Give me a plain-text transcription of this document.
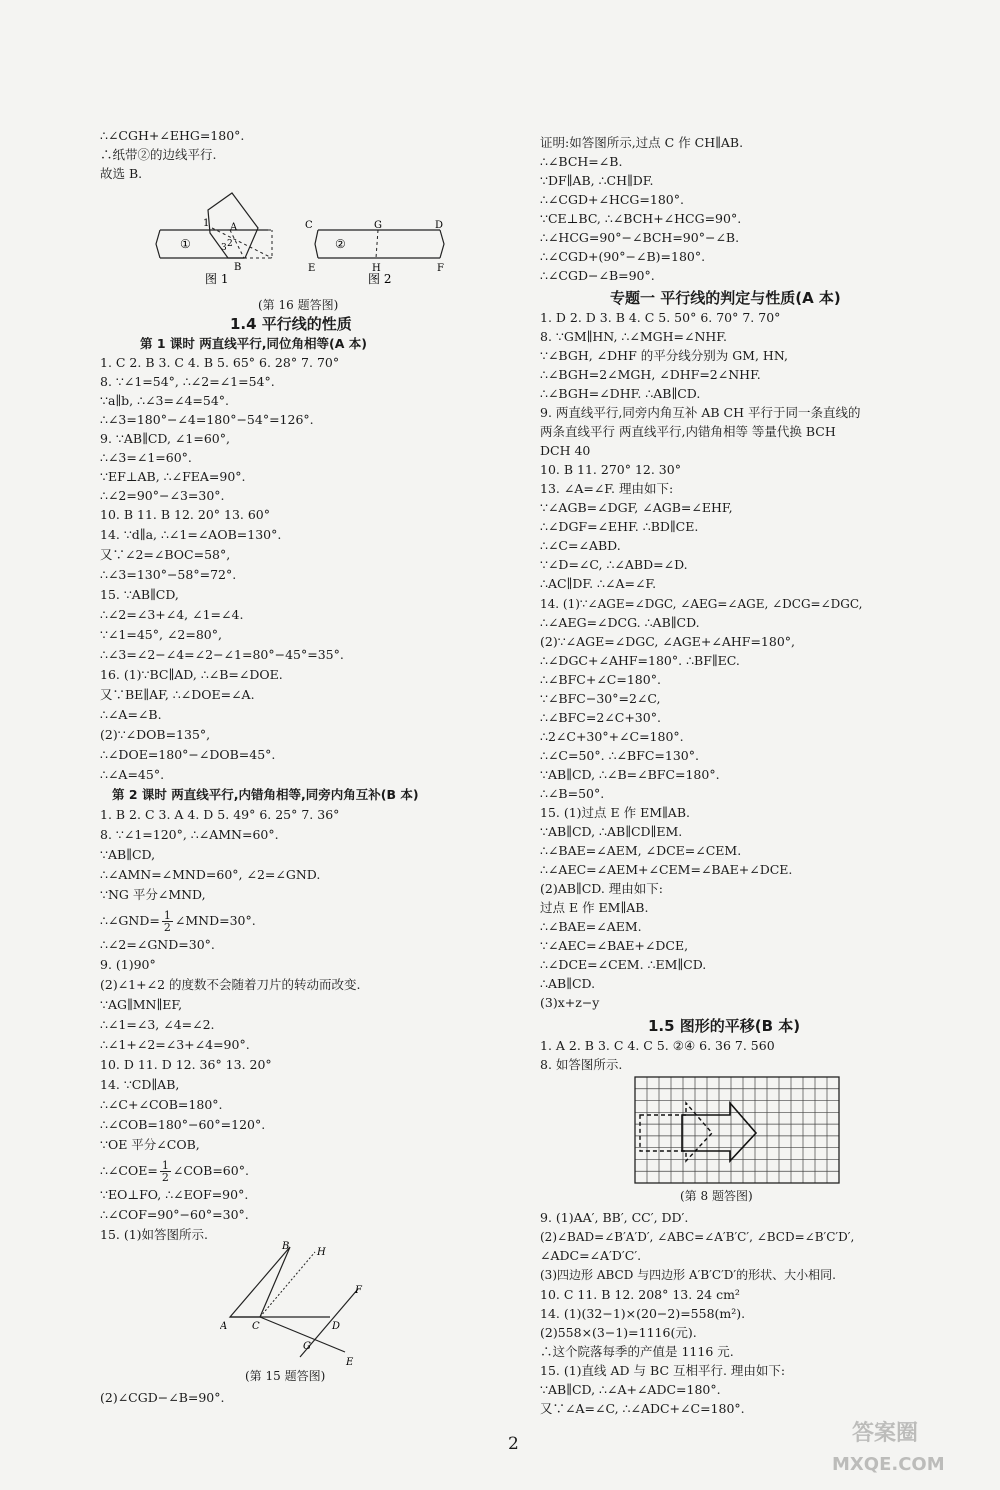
∴∠CGH+∠EHG=180°.
∴纸带②的边线平行.
故选 B.
①
1 A
2
3
B
图 1
②
C	G	D
E	H	F
图 2
(第 16 题答图)
1.4 平行线的性质
第 1 课时 两直线平行,同位角相等(A 本)
1. C 2. B 3. C 4. B 5. 65° 6. 28° 7. 70°
8. ∵∠1=54°, ∴∠2=∠1=54°.
∵a∥b, ∴∠3=∠4=54°.
∴∠3=180°−∠4=180°−54°=126°.
9. ∵AB∥CD, ∠1=60°,
∴∠3=∠1=60°.
∵EF⊥AB, ∴∠FEA=90°.
∴∠2=90°−∠3=30°.
10. B 11. B 12. 20° 13. 60°
14. ∵d∥a, ∴∠1=∠AOB=130°.
又∵∠2=∠BOC=58°,
∴∠3=130°−58°=72°.
15. ∵AB∥CD,
∴∠2=∠3+∠4, ∠1=∠4.
∵∠1=45°, ∠2=80°,
∴∠3=∠2−∠4=∠2−∠1=80°−45°=35°.
16. (1)∵BC∥AD, ∴∠B=∠DOE.
又∵BE∥AF, ∴∠DOE=∠A.
∴∠A=∠B.
(2)∵∠DOB=135°,
∴∠DOE=180°−∠DOB=45°.
∴∠A=45°.
第 2 课时 两直线平行,内错角相等,同旁内角互补(B 本)
1. B 2. C 3. A 4. D 5. 49° 6. 25° 7. 36°
8. ∵∠1=120°, ∴∠AMN=60°.
∵AB∥CD,
∴∠AMN=∠MND=60°, ∠2=∠GND.
∵NG 平分∠MND,
∴∠GND= $\frac{1}{2}$ ∠MND=30°.
∴∠2=∠GND=30°.
9. (1)90°
(2)∠1+∠2 的度数不会随着刀片的转动而改变.
∵AG∥MN∥EF,
∴∠1=∠3, ∠4=∠2.
∴∠1+∠2=∠3+∠4=90°.
10. D 11. D 12. 36° 13. 20°
14. ∵CD∥AB,
∴∠C+∠COB=180°.
∴∠COB=180°−60°=120°.
∵OE 平分∠COB,
∴∠COE= $\frac{1}{2}$ ∠COB=60°.
∵EO⊥FO, ∴∠EOF=90°.
∴∠COF=90°−60°=30°.
15. (1)如答图所示.
A
B
C
H
F
D
G
E
(第 15 题答图)
(2)∠CGD−∠B=90°.
证明:如答图所示,过点 C 作 CH∥AB.
∴∠BCH=∠B.
∵DF∥AB, ∴CH∥DF.
∴∠CGD+∠HCG=180°.
∵CE⊥BC, ∴∠BCH+∠HCG=90°.
∴∠HCG=90°−∠BCH=90°−∠B.
∴∠CGD+(90°−∠B)=180°.
∴∠CGD−∠B=90°.
专题一 平行线的判定与性质(A 本)
1. D 2. D 3. B 4. C 5. 50° 6. 70° 7. 70°
8. ∵GM∥HN, ∴∠MGH=∠NHF.
∵∠BGH, ∠DHF 的平分线分别为 GM, HN,
∴∠BGH=2∠MGH, ∠DHF=2∠NHF.
∴∠BGH=∠DHF. ∴AB∥CD.
9. 两直线平行,同旁内角互补 AB CH 平行于同一条直线的
两条直线平行 两直线平行,内错角相等 等量代换 BCH
DCH 40
10. B 11. 270° 12. 30°
13. ∠A=∠F. 理由如下:
∵∠AGB=∠DGF, ∠AGB=∠EHF,
∴∠DGF=∠EHF. ∴BD∥CE.
∴∠C=∠ABD.
∵∠D=∠C, ∴∠ABD=∠D.
∴AC∥DF. ∴∠A=∠F.
14. (1)∵∠AGE=∠DGC, ∠AEG=∠AGE, ∠DCG=∠DGC,
∴∠AEG=∠DCG. ∴AB∥CD.
(2)∵∠AGE=∠DGC, ∠AGE+∠AHF=180°,
∴∠DGC+∠AHF=180°. ∴BF∥EC.
∴∠BFC+∠C=180°.
∵∠BFC−30°=2∠C,
∴∠BFC=2∠C+30°.
∴2∠C+30°+∠C=180°.
∴∠C=50°. ∴∠BFC=130°.
∵AB∥CD, ∴∠B=∠BFC=180°.
∴∠B=50°.
15. (1)过点 E 作 EM∥AB.
∵AB∥CD, ∴AB∥CD∥EM.
∴∠BAE=∠AEM, ∠DCE=∠CEM.
∴∠AEC=∠AEM+∠CEM=∠BAE+∠DCE.
(2)AB∥CD. 理由如下:
过点 E 作 EM∥AB.
∴∠BAE=∠AEM.
∵∠AEC=∠BAE+∠DCE,
∴∠DCE=∠CEM. ∴EM∥CD.
∴AB∥CD.
(3)x+z−y
1.5 图形的平移(B 本)
1. A 2. B 3. C 4. C 5. ②④ 6. 36 7. 560
8. 如答图所示.
(第 8 题答图)
9. (1)AA′, BB′, CC′, DD′.
(2)∠BAD=∠B′A′D′, ∠ABC=∠A′B′C′, ∠BCD=∠B′C′D′,
∠ADC=∠A′D′C′.
(3)四边形 ABCD 与四边形 A′B′C′D′的形状、大小相同.
10. C 11. B 12. 208° 13. 24 cm²
14. (1)(32−1)×(20−2)=558(m²).
(2)558×(3−1)=1116(元).
∴这个院落每季的产值是 1116 元.
15. (1)直线 AD 与 BC 互相平行. 理由如下:
∵AB∥CD, ∴∠A+∠ADC=180°.
又∵∠A=∠C, ∴∠ADC+∠C=180°.
2	答案圈
MXQE.COM
